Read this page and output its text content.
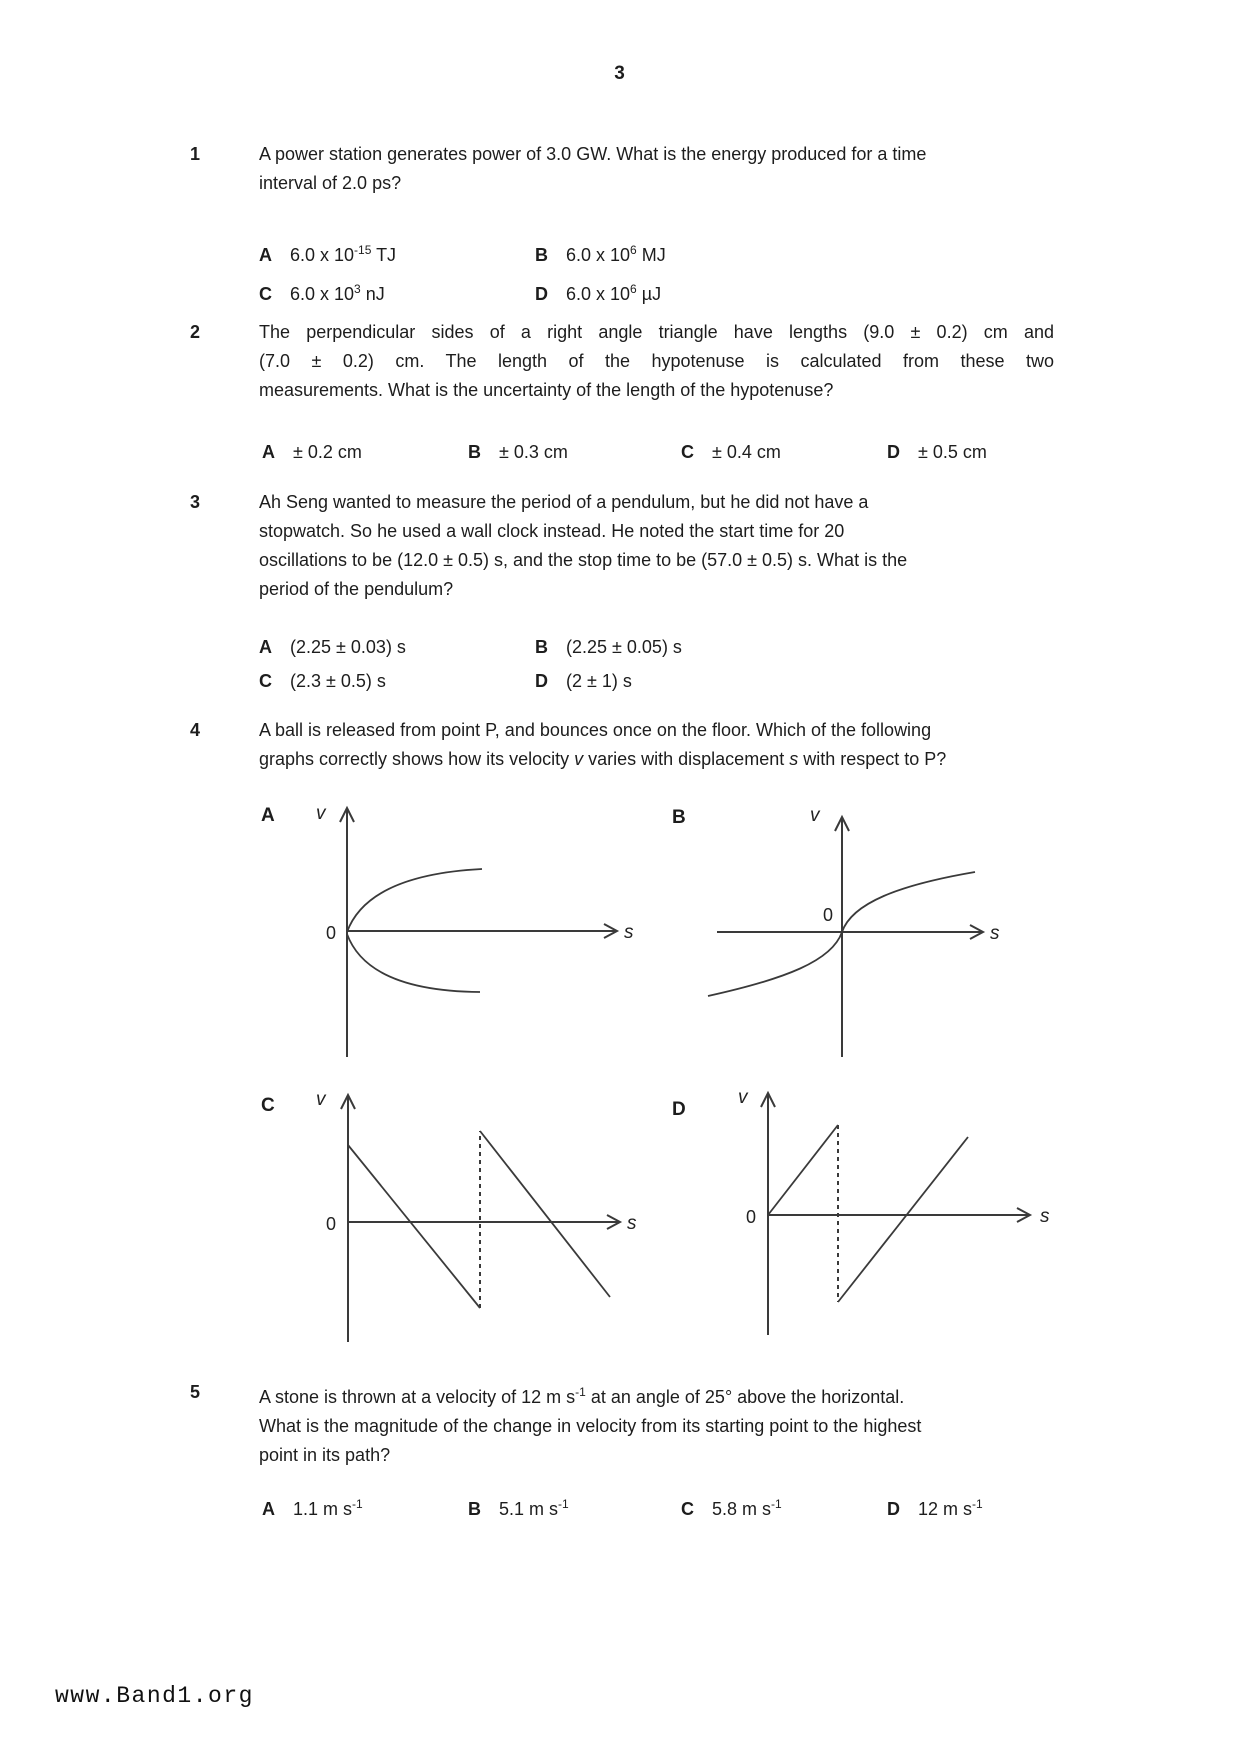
3
1	A power station generates power of 3.0 GW. What is the energy produced for a time
interval of 2.0 ps?
A 6.0 x $10^{-15}$ TJ	B 6.0 x $10^6$ MJ
C 6.0 x $10^3$ nJ	D 6.0 x $10^6$ µJ
2	The perpendicular sides of a right angle triangle have lengths (9.0 ± 0.2) cm and
(7.0 ± 0.2) cm. The length of the hypotenuse is calculated from these two
measurements. What is the uncertainty of the length of the hypotenuse?
A ± 0.2 cm	B ± 0.3 cm	C ± 0.4 cm	D ± 0.5 cm
3	Ah Seng wanted to measure the period of a pendulum, but he did not have a
stopwatch. So he used a wall clock instead. He noted the start time for 20
oscillations to be (12.0 ± 0.5) s, and the stop time to be (57.0 ± 0.5) s. What is the
period of the pendulum?
A (2.25 ± 0.03) s	B (2.25 ± 0.05) s
C (2.3 ± 0.5) s	D (2 ± 1) s
4	A ball is released from point P, and bounces once on the floor. Which of the following
graphs correctly shows how its velocity v varies with displacement s with respect to P?
A	B
C	D
0
v
s
0
v
s
0
v
s	0
v
s
5	A stone is thrown at a velocity of 12 m $s^{-1}$ at an angle of 25° above the horizontal.
What is the magnitude of the change in velocity from its starting point to the highest
point in its path?
A 1.1 m $s^{-1}$	B 5.1 m $s^{-1}$	C 5.8 m $s^{-1}$	D 12 m $s^{-1}$
www.Band1.org
